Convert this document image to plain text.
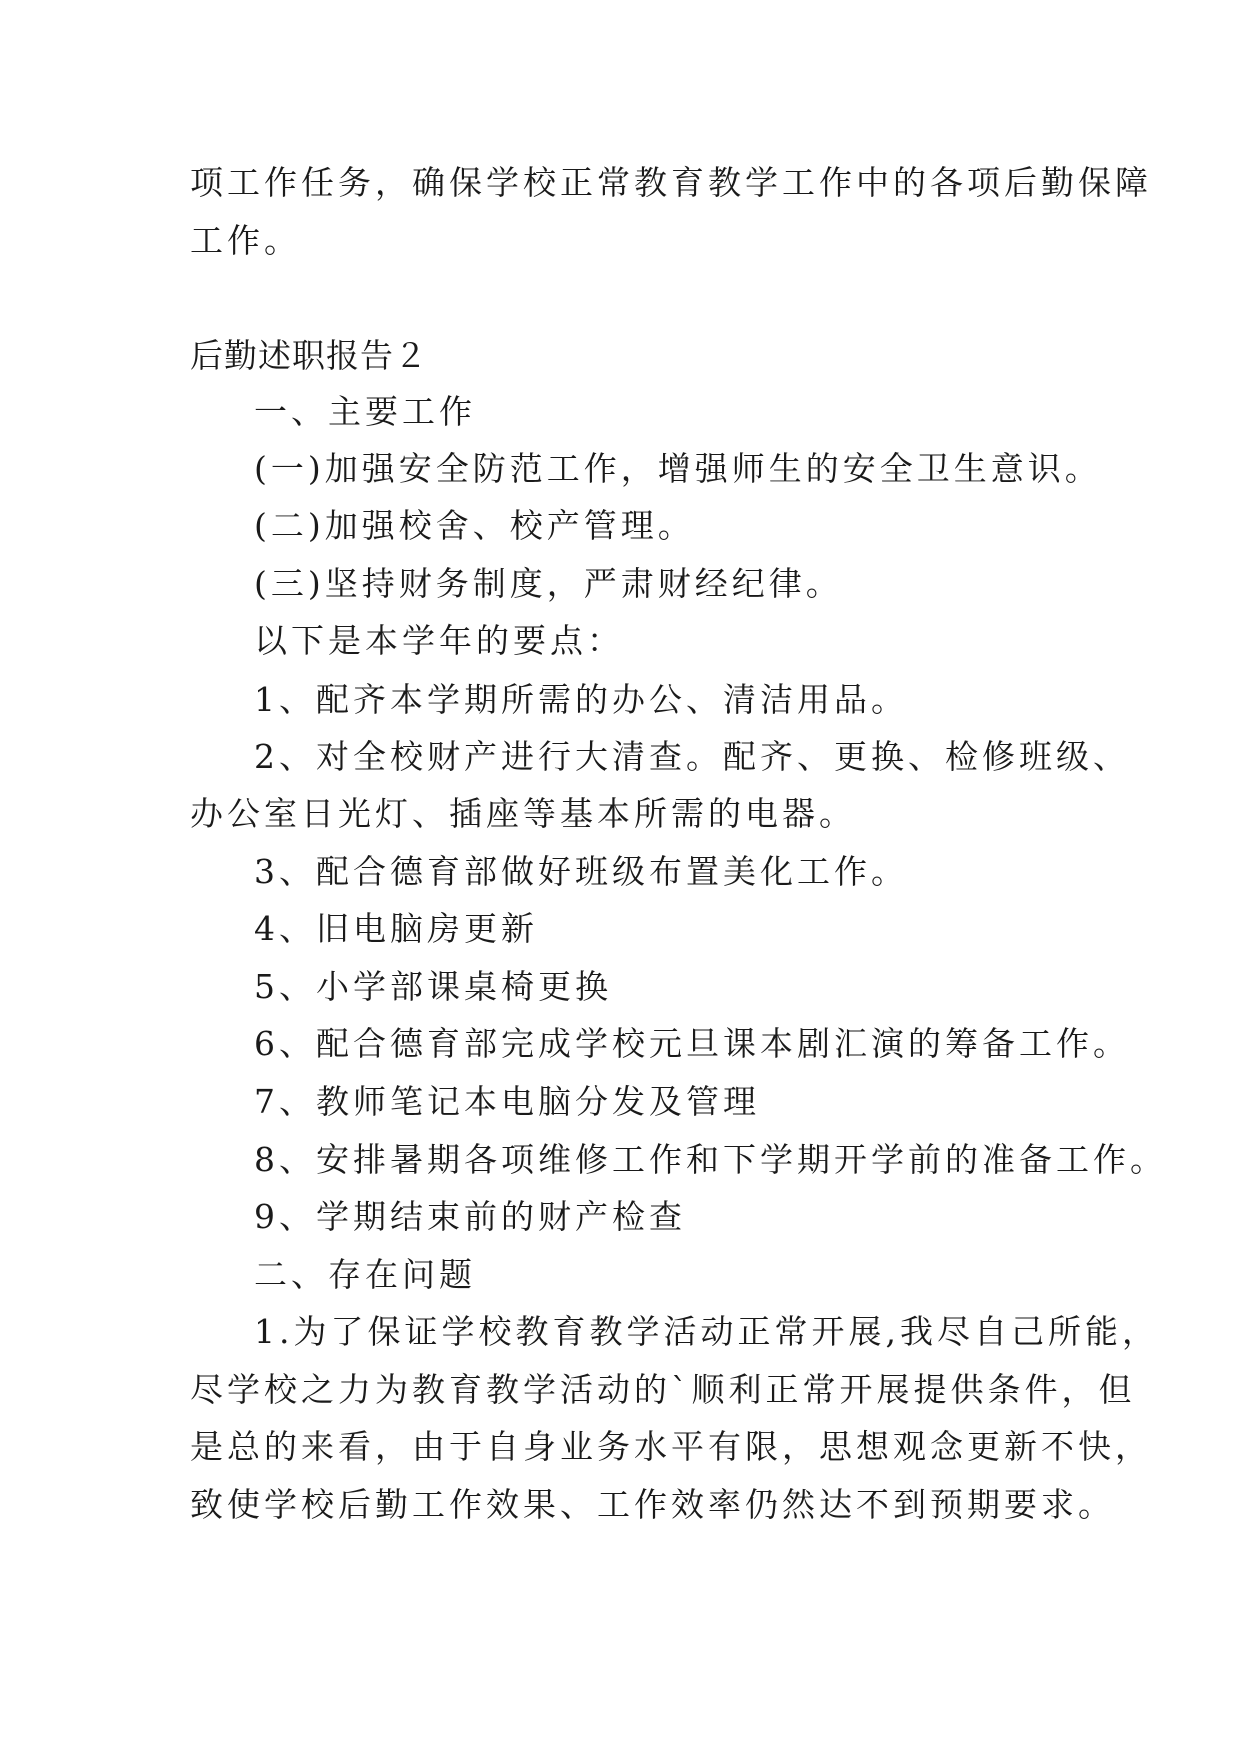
项工作任务，确保学校正常教育教学工作中的各项后勤保障
工作。
后勤述职报告２
一、主要工作
(一)加强安全防范工作，增强师生的安全卫生意识。
(二)加强校舍、校产管理。
(三)坚持财务制度，严肃财经纪律。
以下是本学年的要点：
1、配齐本学期所需的办公、清洁用品。
2、对全校财产进行大清查。配齐、更换、检修班级、
办公室日光灯、插座等基本所需的电器。
3、配合德育部做好班级布置美化工作。
4、旧电脑房更新
5、小学部课桌椅更换
6、配合德育部完成学校元旦课本剧汇演的筹备工作。
7、教师笔记本电脑分发及管理
8、安排暑期各项维修工作和下学期开学前的准备工作。
9、学期结束前的财产检查
二、存在问题
1.为了保证学校教育教学活动正常开展,我尽自己所能，
尽学校之力为教育教学活动的`顺利正常开展提供条件，但
是总的来看，由于自身业务水平有限，思想观念更新不快，
致使学校后勤工作效果、工作效率仍然达不到预期要求。
